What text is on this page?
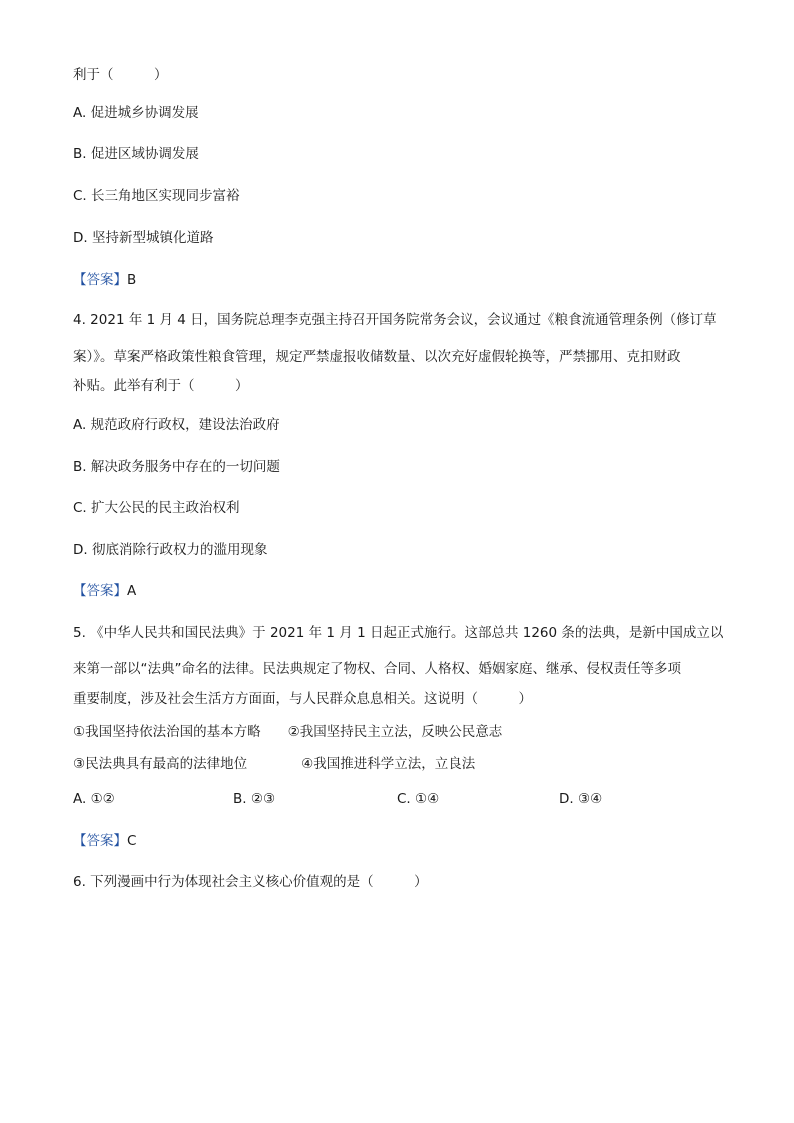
利于（　　　）
A. 促进城乡协调发展
B. 促进区域协调发展
C. 长三角地区实现同步富裕
D. 坚持新型城镇化道路
【答案】B
4. 2021 年 1 月 4 日，国务院总理李克强主持召开国务院常务会议，会议通过《粮食流通管理条例（修订草
案）》。草案严格政策性粮食管理，规定严禁虚报收储数量、以次充好虚假轮换等，严禁挪用、克扣财政
补贴。此举有利于（　　　）
A. 规范政府行政权，建设法治政府
B. 解决政务服务中存在的一切问题
C. 扩大公民的民主政治权利
D. 彻底消除行政权力的滥用现象
【答案】A
5. 《中华人民共和国民法典》于 2021 年 1 月 1 日起正式施行。这部总共 1260 条的法典，是新中国成立以
来第一部以“法典”命名的法律。民法典规定了物权、合同、人格权、婚姻家庭、继承、侵权责任等多项
重要制度，涉及社会生活方方面面，与人民群众息息相关。这说明（　　　）
①我国坚持依法治国的基本方略　　②我国坚持民主立法，反映公民意志
③民法典具有最高的法律地位　　　　④我国推进科学立法，立良法
A. ①②	B. ②③	C. ①④	D. ③④
【答案】C
6. 下列漫画中行为体现社会主义核心价值观的是（　　　）
